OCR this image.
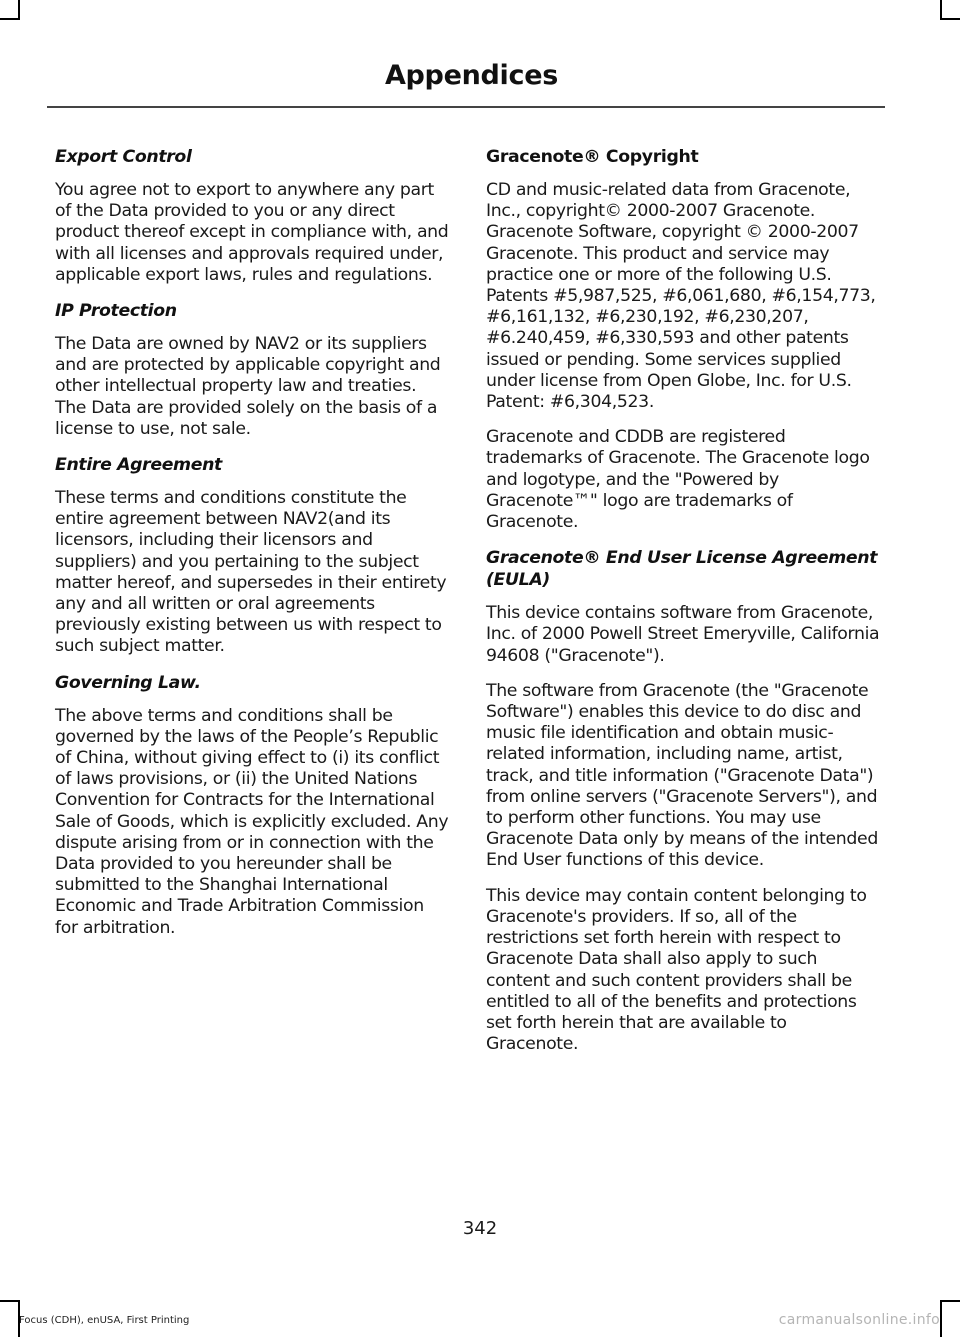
Appendices
Export Control

You agree not to export to anywhere any part of the Data provided to you or any direct product thereof except in compliance with, and with all licenses and approvals required under, applicable export laws, rules and regulations.

IP Protection

The Data are owned by NAV2 or its suppliers and are protected by applicable copyright and other intellectual property law and treaties. The Data are provided solely on the basis of a license to use, not sale.

Entire Agreement

These terms and conditions constitute the entire agreement between NAV2(and its licensors, including their licensors and suppliers) and you pertaining to the subject matter hereof, and supersedes in their entirety any and all written or oral agreements previously existing between us with respect to such subject matter.

Governing Law.

The above terms and conditions shall be governed by the laws of the People’s Republic of China, without giving effect to (i) its conflict of laws provisions, or (ii) the United Nations Convention for Contracts for the International Sale of Goods, which is explicitly excluded. Any dispute arising from or in connection with the Data provided to you hereunder shall be submitted to the Shanghai International Economic and Trade Arbitration Commission for arbitration.

Gracenote® Copyright

CD and music-related data from Gracenote, Inc., copyright© 2000-2007 Gracenote. Gracenote Software, copyright © 2000-2007 Gracenote. This product and service may practice one or more of the following U.S. Patents #5,987,525, #6,061,680, #6,154,773, #6,161,132, #6,230,192, #6,230,207, #6.240,459, #6,330,593 and other patents issued or pending. Some services supplied under license from Open Globe, Inc. for U.S. Patent: #6,304,523.

Gracenote and CDDB are registered trademarks of Gracenote. The Gracenote logo and logotype, and the "Powered by Gracenote™" logo are trademarks of Gracenote.

Gracenote® End User License Agreement (EULA)

This device contains software from Gracenote, Inc. of 2000 Powell Street Emeryville, California 94608 ("Gracenote").

The software from Gracenote (the "Gracenote Software") enables this device to do disc and music file identification and obtain music-related information, including name, artist, track, and title information ("Gracenote Data") from online servers ("Gracenote Servers"), and to perform other functions. You may use Gracenote Data only by means of the intended End User functions of this device.

This device may contain content belonging to Gracenote's providers. If so, all of the restrictions set forth herein with respect to Gracenote Data shall also apply to such content and such content providers shall be entitled to all of the benefits and protections set forth herein that are available to Gracenote.

342
Focus (CDH), enUSA, First Printing	carmanualsonline.info
